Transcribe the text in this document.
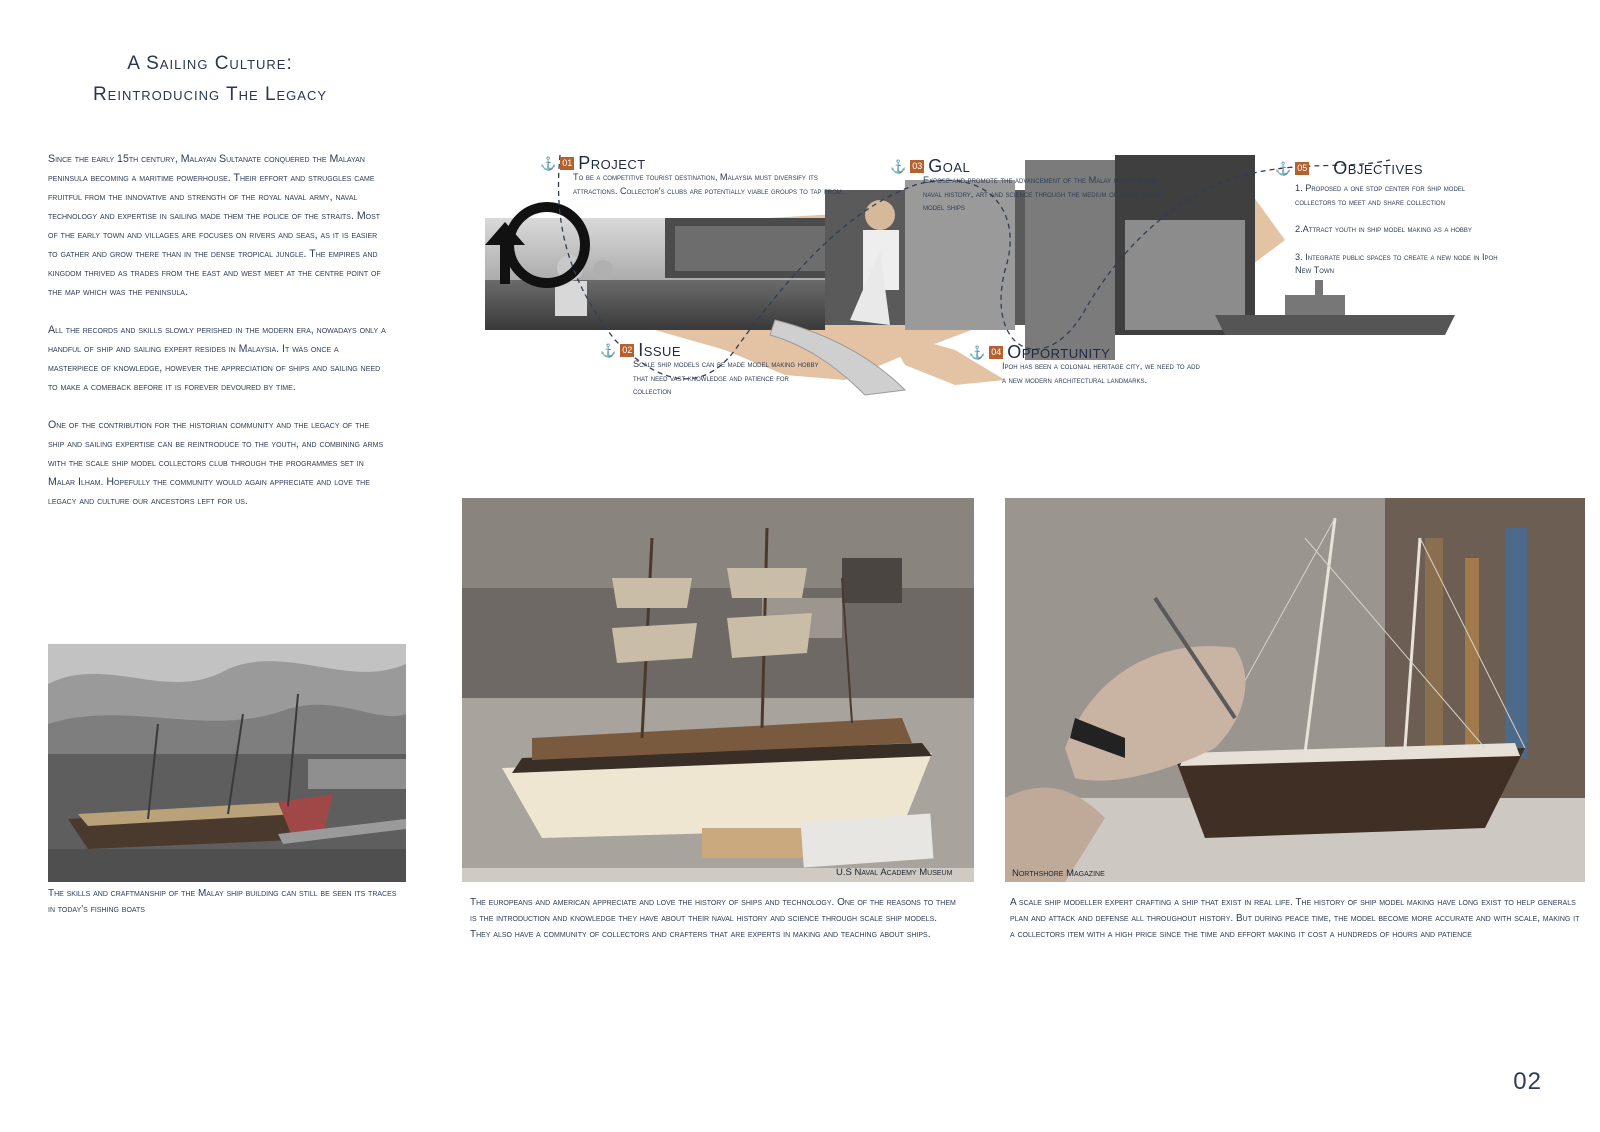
A Sailing Culture:
Reintroducing The Legacy

Since the early 15th century, Malayan Sultanate conquered the Malayan peninsula becoming a maritime powerhouse. Their effort and struggles came fruitful from the innovative and strength of the royal naval army, naval technology and expertise in sailing made them the police of the straits. Most of the early town and villages are focuses on rivers and seas, as it is easier to gather and grow there than in the dense tropical jungle. The empires and kingdom thrived as trades from the east and west meet at the centre point of the map which was the peninsula.

All the records and skills slowly perished in the modern era, nowadays only a handful of ship and sailing expert resides in Malaysia. It was once a masterpiece of knowledge, however the appreciation of ships and sailing need to make a comeback before it is forever devoured by time.

One of the contribution for the historian community and the legacy of the ship and sailing expertise can be reintroduce to the youth, and combining arms with the scale ship model collectors club through the programmes set in Malar Ilham. Hopefully the community would again appreciate and love the legacy and culture our ancestors left for us.

⚓ 01 Project
To be a competitive tourist destination, Malaysia must diversify its attractions. Collector's clubs are potentially viable groups to tap from.
⚓ 02 Issue
Scale ship models can be made model making hobby that need vast knowledge and patience for collection
⚓ 03 Goal
Expose and promote the advancement of the Malay maritime and naval history, art and science through the medium of small scale model ships
⚓ 04 Opportunity
Ipoh has been a colonial heritage city, we need to add a new modern architectural landmarks.
⚓ 05 Objectives
1. Proposed a one stop center for ship model collectors to meet and share collection
2.Attract youth in ship model making as a hobby
3. Integrate public spaces to create a new node in Ipoh New Town
The skills and craftmanship of the Malay ship building can still be seen its traces in today's fishing boats
U.S Naval Academy Museum
The europeans and american appreciate and love the history of ships and technology. One of the reasons to them is the introduction and knowledge they have about their naval history and science through scale ship models.
They also have a community of collectors and crafters that are experts in making and teaching about ships.
Northshore Magazine
A scale ship modeller expert crafting a ship that exist in real life. The history of ship model making have long exist to help generals plan and attack and defense all throughout history. But during peace time, the model become more accurate and with scale, making it a collectors item with a high price since the time and effort making it cost a hundreds of hours and patience
02
